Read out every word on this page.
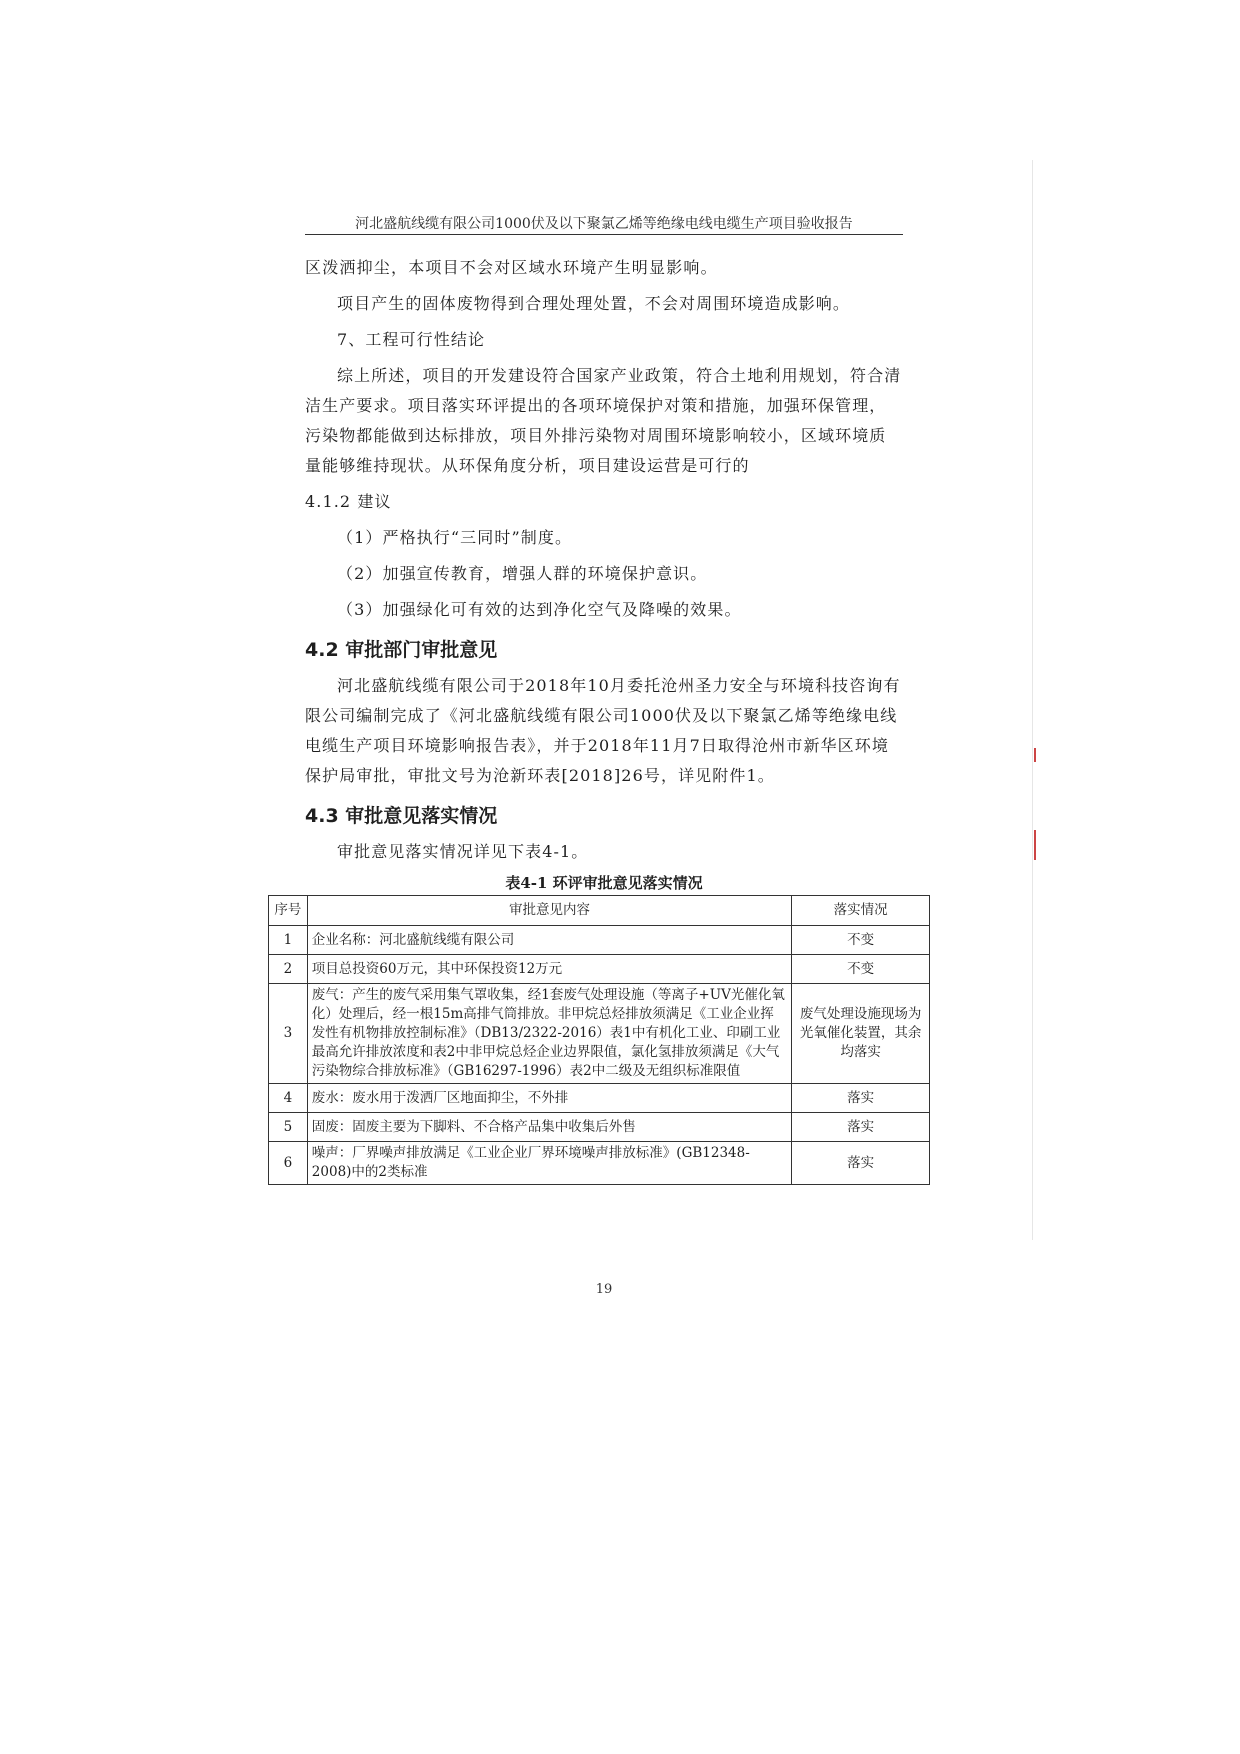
河北盛航线缆有限公司1000伏及以下聚氯乙烯等绝缘电线电缆生产项目验收报告

区泼洒抑尘，本项目不会对区域水环境产生明显影响。

项目产生的固体废物得到合理处理处置，不会对周围环境造成影响。

7、工程可行性结论

综上所述，项目的开发建设符合国家产业政策，符合土地利用规划，符合清洁生产要求。项目落实环评提出的各项环境保护对策和措施，加强环保管理，污染物都能做到达标排放，项目外排污染物对周围环境影响较小，区域环境质量能够维持现状。从环保角度分析，项目建设运营是可行的

4.1.2 建议

（1）严格执行“三同时”制度。

（2）加强宣传教育，增强人群的环境保护意识。

（3）加强绿化可有效的达到净化空气及降噪的效果。

4.2 审批部门审批意见

河北盛航线缆有限公司于2018年10月委托沧州圣力安全与环境科技咨询有限公司编制完成了《河北盛航线缆有限公司1000伏及以下聚氯乙烯等绝缘电线电缆生产项目环境影响报告表》，并于2018年11月7日取得沧州市新华区环境保护局审批，审批文号为沧新环表[2018]26号，详见附件1。

4.3 审批意见落实情况

审批意见落实情况详见下表4-1。

表4-1 环评审批意见落实情况

序号	审批意见内容	落实情况
1	企业名称：河北盛航线缆有限公司	不变
2	项目总投资60万元，其中环保投资12万元	不变
3	废气：产生的废气采用集气罩收集，经1套废气处理设施（等离子+UV光催化氧化）处理后，经一根15m高排气筒排放。非甲烷总烃排放须满足《工业企业挥发性有机物排放控制标准》（DB13/2322-2016）表1中有机化工业、印刷工业最高允许排放浓度和表2中非甲烷总烃企业边界限值，氯化氢排放须满足《大气污染物综合排放标准》（GB16297-1996）表2中二级及无组织标准限值	废气处理设施现场为光氧催化装置，其余均落实
4	废水：废水用于泼洒厂区地面抑尘，不外排	落实
5	固废：固废主要为下脚料、不合格产品集中收集后外售	落实
6	噪声：厂界噪声排放满足《工业企业厂界环境噪声排放标准》(GB12348-2008)中的2类标准	落实
19
